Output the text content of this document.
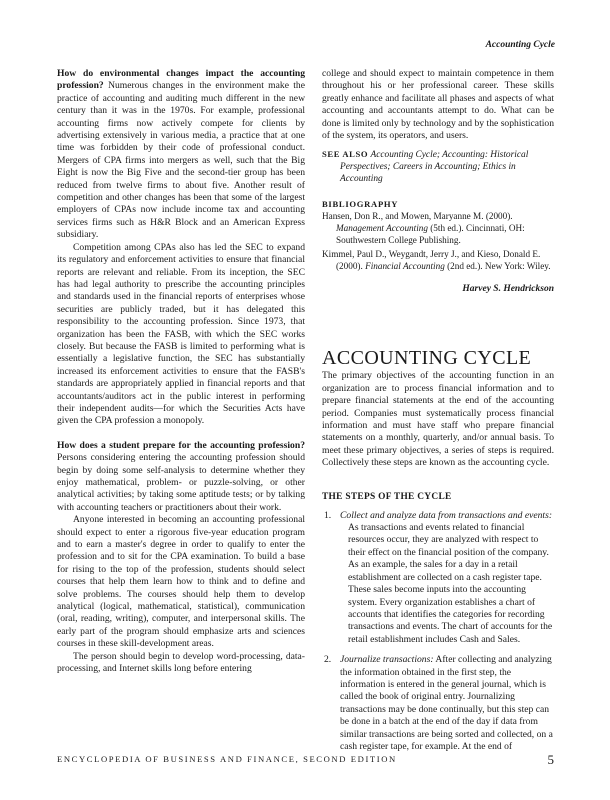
Accounting Cycle

How do environmental changes impact the accounting profession? Numerous changes in the environment make the practice of accounting and auditing much different in the new century than it was in the 1970s. For example, professional accounting firms now actively compete for clients by advertising extensively in various media, a practice that at one time was forbidden by their code of professional conduct. Mergers of CPA firms into mergers as well, such that the Big Eight is now the Big Five and the second-tier group has been reduced from twelve firms to about five. Another result of competition and other changes has been that some of the largest employers of CPAs now include income tax and accounting services firms such as H&R Block and an American Express subsidiary.

Competition among CPAs also has led the SEC to expand its regulatory and enforcement activities to ensure that financial reports are relevant and reliable. From its inception, the SEC has had legal authority to prescribe the accounting principles and standards used in the financial reports of enterprises whose securities are publicly traded, but it has delegated this responsibility to the accounting profession. Since 1973, that organization has been the FASB, with which the SEC works closely. But because the FASB is limited to performing what is essentially a legislative function, the SEC has substantially increased its enforcement activities to ensure that the FASB's standards are appropriately applied in financial reports and that accountants/auditors act in the public interest in performing their independent audits—for which the Securities Acts have given the CPA profession a monopoly.

How does a student prepare for the accounting profession? Persons considering entering the accounting profession should begin by doing some self-analysis to determine whether they enjoy mathematical, problem- or puzzle-solving, or other analytical activities; by taking some aptitude tests; or by talking with accounting teachers or practitioners about their work.

Anyone interested in becoming an accounting professional should expect to enter a rigorous five-year education program and to earn a master's degree in order to qualify to enter the profession and to sit for the CPA examination. To build a base for rising to the top of the profession, students should select courses that help them learn how to think and to define and solve problems. The courses should help them to develop analytical (logical, mathematical, statistical), communication (oral, reading, writing), computer, and interpersonal skills. The early part of the program should emphasize arts and sciences courses in these skill-development areas.

The person should begin to develop word-processing, data-processing, and Internet skills long before entering

college and should expect to maintain competence in them throughout his or her professional career. These skills greatly enhance and facilitate all phases and aspects of what accounting and accountants attempt to do. What can be done is limited only by technology and by the sophistication of the system, its operators, and users.

SEE ALSO Accounting Cycle; Accounting: Historical Perspectives; Careers in Accounting; Ethics in Accounting
BIBLIOGRAPHY
Hansen, Don R., and Mowen, Maryanne M. (2000). Management Accounting (5th ed.). Cincinnati, OH: Southwestern College Publishing.
Kimmel, Paul D., Weygandt, Jerry J., and Kieso, Donald E. (2000). Financial Accounting (2nd ed.). New York: Wiley.
Harvey S. Hendrickson
ACCOUNTING CYCLE

The primary objectives of the accounting function in an organization are to process financial information and to prepare financial statements at the end of the accounting period. Companies must systematically process financial information and must have staff who prepare financial statements on a monthly, quarterly, and/or annual basis. To meet these primary objectives, a series of steps is required. Collectively these steps are known as the accounting cycle.

THE STEPS OF THE CYCLE
1. Collect and analyze data from transactions and events:

As transactions and events related to financial resources occur, they are analyzed with respect to their effect on the financial position of the company. As an example, the sales for a day in a retail establishment are collected on a cash register tape. These sales become inputs into the accounting system. Every organization establishes a chart of accounts that identifies the categories for recording transactions and events. The chart of accounts for the retail establishment includes Cash and Sales.

2. Journalize transactions: After collecting and analyzing the information obtained in the first step, the information is entered in the general journal, which is called the book of original entry. Journalizing transactions may be done continually, but this step can be done in a batch at the end of the day if data from similar transactions are being sorted and collected, on a cash register tape, for example. At the end of

ENCYCLOPEDIA OF BUSINESS AND FINANCE, SECOND EDITION	5
